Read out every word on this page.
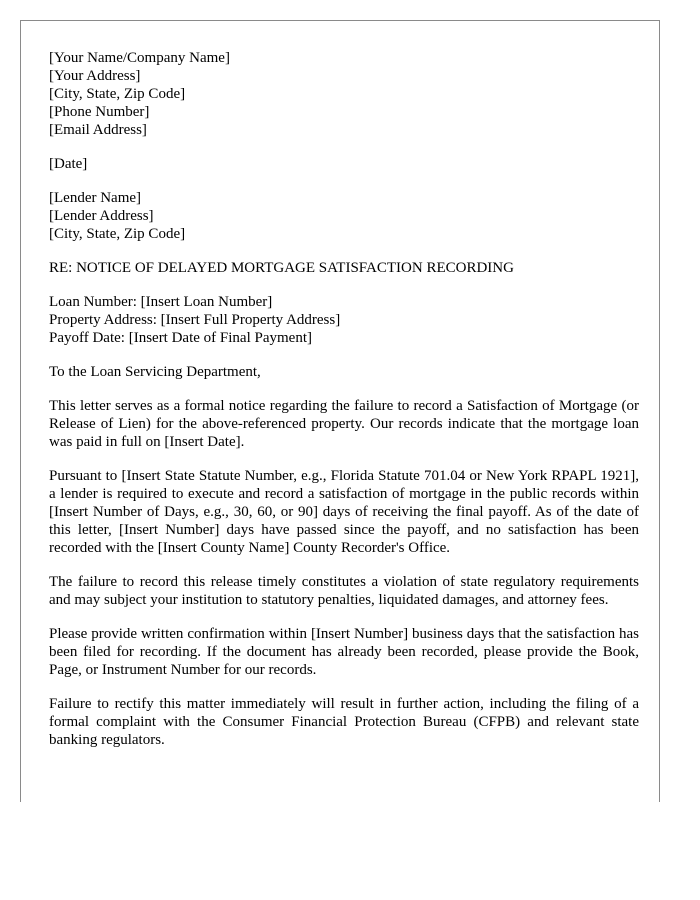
[Your Name/Company Name]
[Your Address]
[City, State, Zip Code]
[Phone Number]
[Email Address]
[Date]
[Lender Name]
[Lender Address]
[City, State, Zip Code]
RE: NOTICE OF DELAYED MORTGAGE SATISFACTION RECORDING
Loan Number: [Insert Loan Number]
Property Address: [Insert Full Property Address]
Payoff Date: [Insert Date of Final Payment]
To the Loan Servicing Department,

This letter serves as a formal notice regarding the failure to record a Satisfaction of Mortgage (or Release of Lien) for the above-referenced property. Our records indicate that the mortgage loan was paid in full on [Insert Date].

Pursuant to [Insert State Statute Number, e.g., Florida Statute 701.04 or New York RPAPL 1921], a lender is required to execute and record a satisfaction of mortgage in the public records within [Insert Number of Days, e.g., 30, 60, or 90] days of receiving the final payoff. As of the date of this letter, [Insert Number] days have passed since the payoff, and no satisfaction has been recorded with the [Insert County Name] County Recorder's Office.

The failure to record this release timely constitutes a violation of state regulatory requirements and may subject your institution to statutory penalties, liquidated damages, and attorney fees.

Please provide written confirmation within [Insert Number] business days that the satisfaction has been filed for recording. If the document has already been recorded, please provide the Book, Page, or Instrument Number for our records.

Failure to rectify this matter immediately will result in further action, including the filing of a formal complaint with the Consumer Financial Protection Bureau (CFPB) and relevant state banking regulators.
